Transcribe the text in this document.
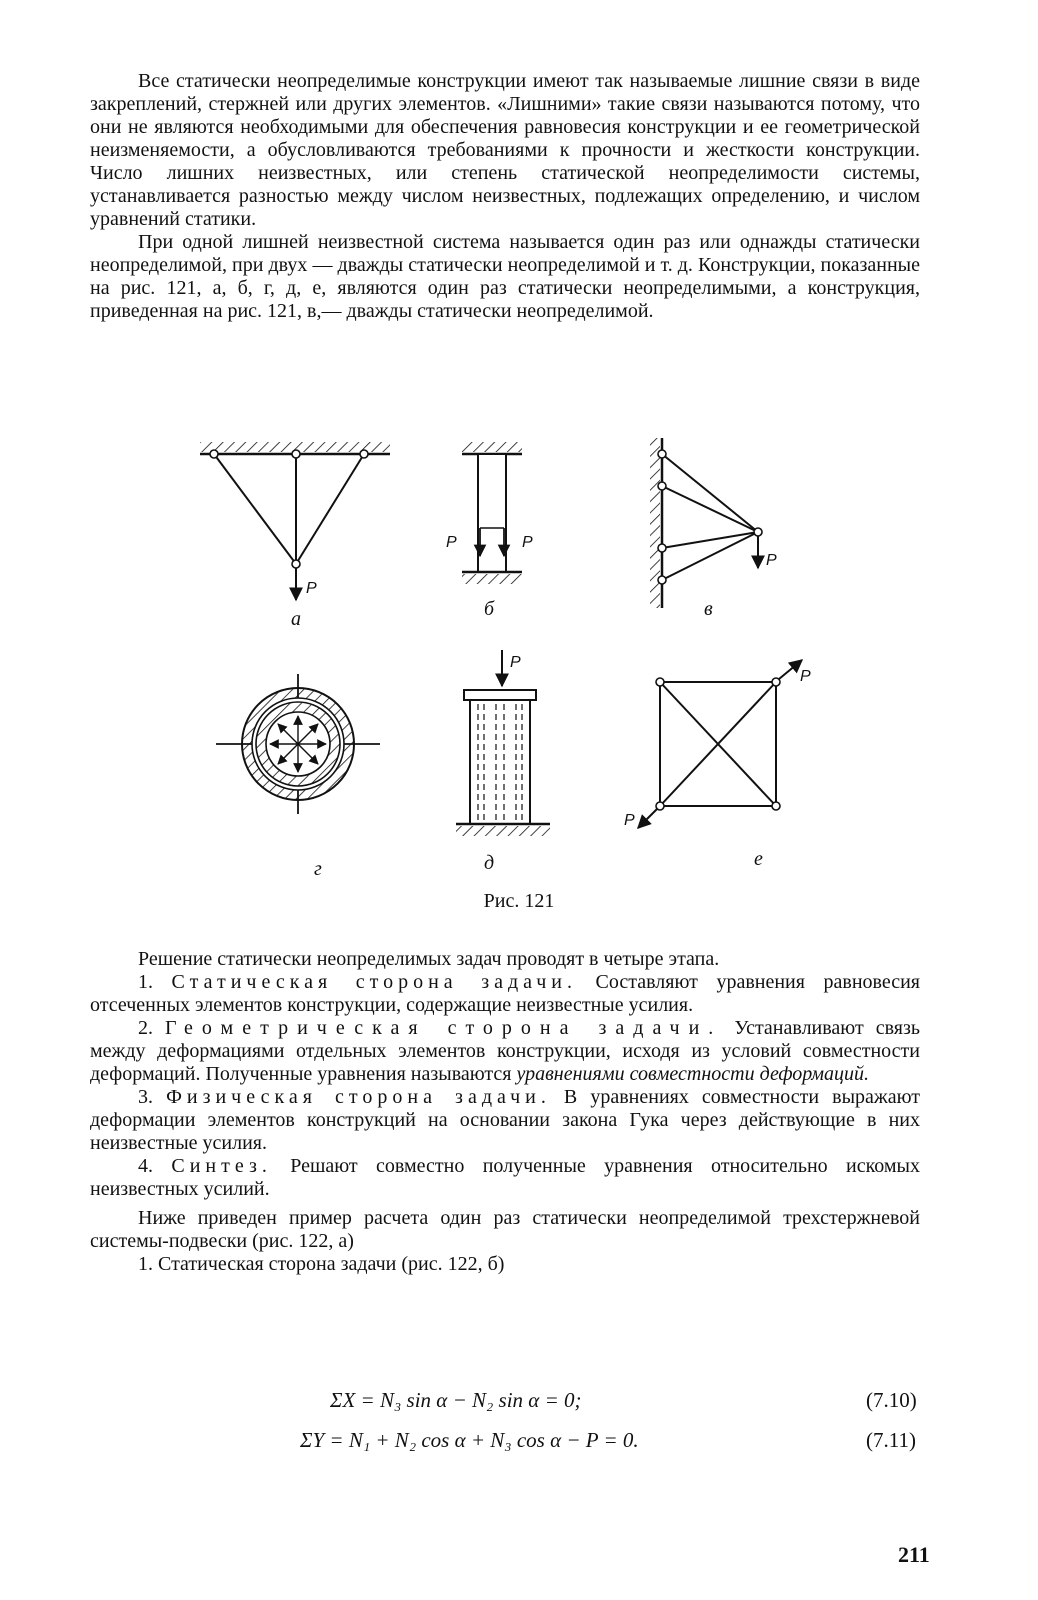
Все статически неопределимые конструкции имеют так называемые лишние связи в виде закреплений, стержней или других элементов. «Лишними» такие связи называются потому, что они не являются необходимыми для обеспечения равновесия конструкции и ее геометрической неизменяемости, а обусловливаются требованиями к прочности и жесткости конструкции. Число лишних неизвестных, или степень статической неопределимости системы, устанавливается разностью между числом неизвестных, подлежащих определению, и числом уравнений статики.

При одной лишней неизвестной система называется один раз или однажды статически неопределимой, при двух — дважды статически неопределимой и т. д. Конструкции, показанные на рис. 121, а, б, г, д, е, являются один раз статически неопределимыми, а конструкция, приведенная на рис. 121, в,— дважды статически неопределимой.

P
P	P
P
P
P
P
а	б	в
г	д	е
Рис. 121

Решение статически неопределимых задач проводят в четыре этапа.

1. Статическая сторона задачи. Составляют уравнения равновесия отсеченных элементов конструкции, содержащие неизвестные усилия.

2. Геометрическая сторона задачи. Устанавливают связь между деформациями отдельных элементов конструкции, исходя из условий совместности деформаций. Полученные уравнения называются уравнениями совместности деформаций.

3. Физическая сторона задачи. В уравнениях совместности выражают деформации элементов конструкций на основании закона Гука через действующие в них неизвестные усилия.

4. Синтез. Решают совместно полученные уравнения относительно искомых неизвестных усилий.

Ниже приведен пример расчета один раз статически неопределимой трехстержневой системы-подвески (рис. 122, а)

1. Статическая сторона задачи (рис. 122, б)

ΣX = N₃ sin α − N₂ sin α = 0;	(7.10)
ΣY = N₁ + N₂ cos α + N₃ cos α − P = 0.	(7.11)
211
